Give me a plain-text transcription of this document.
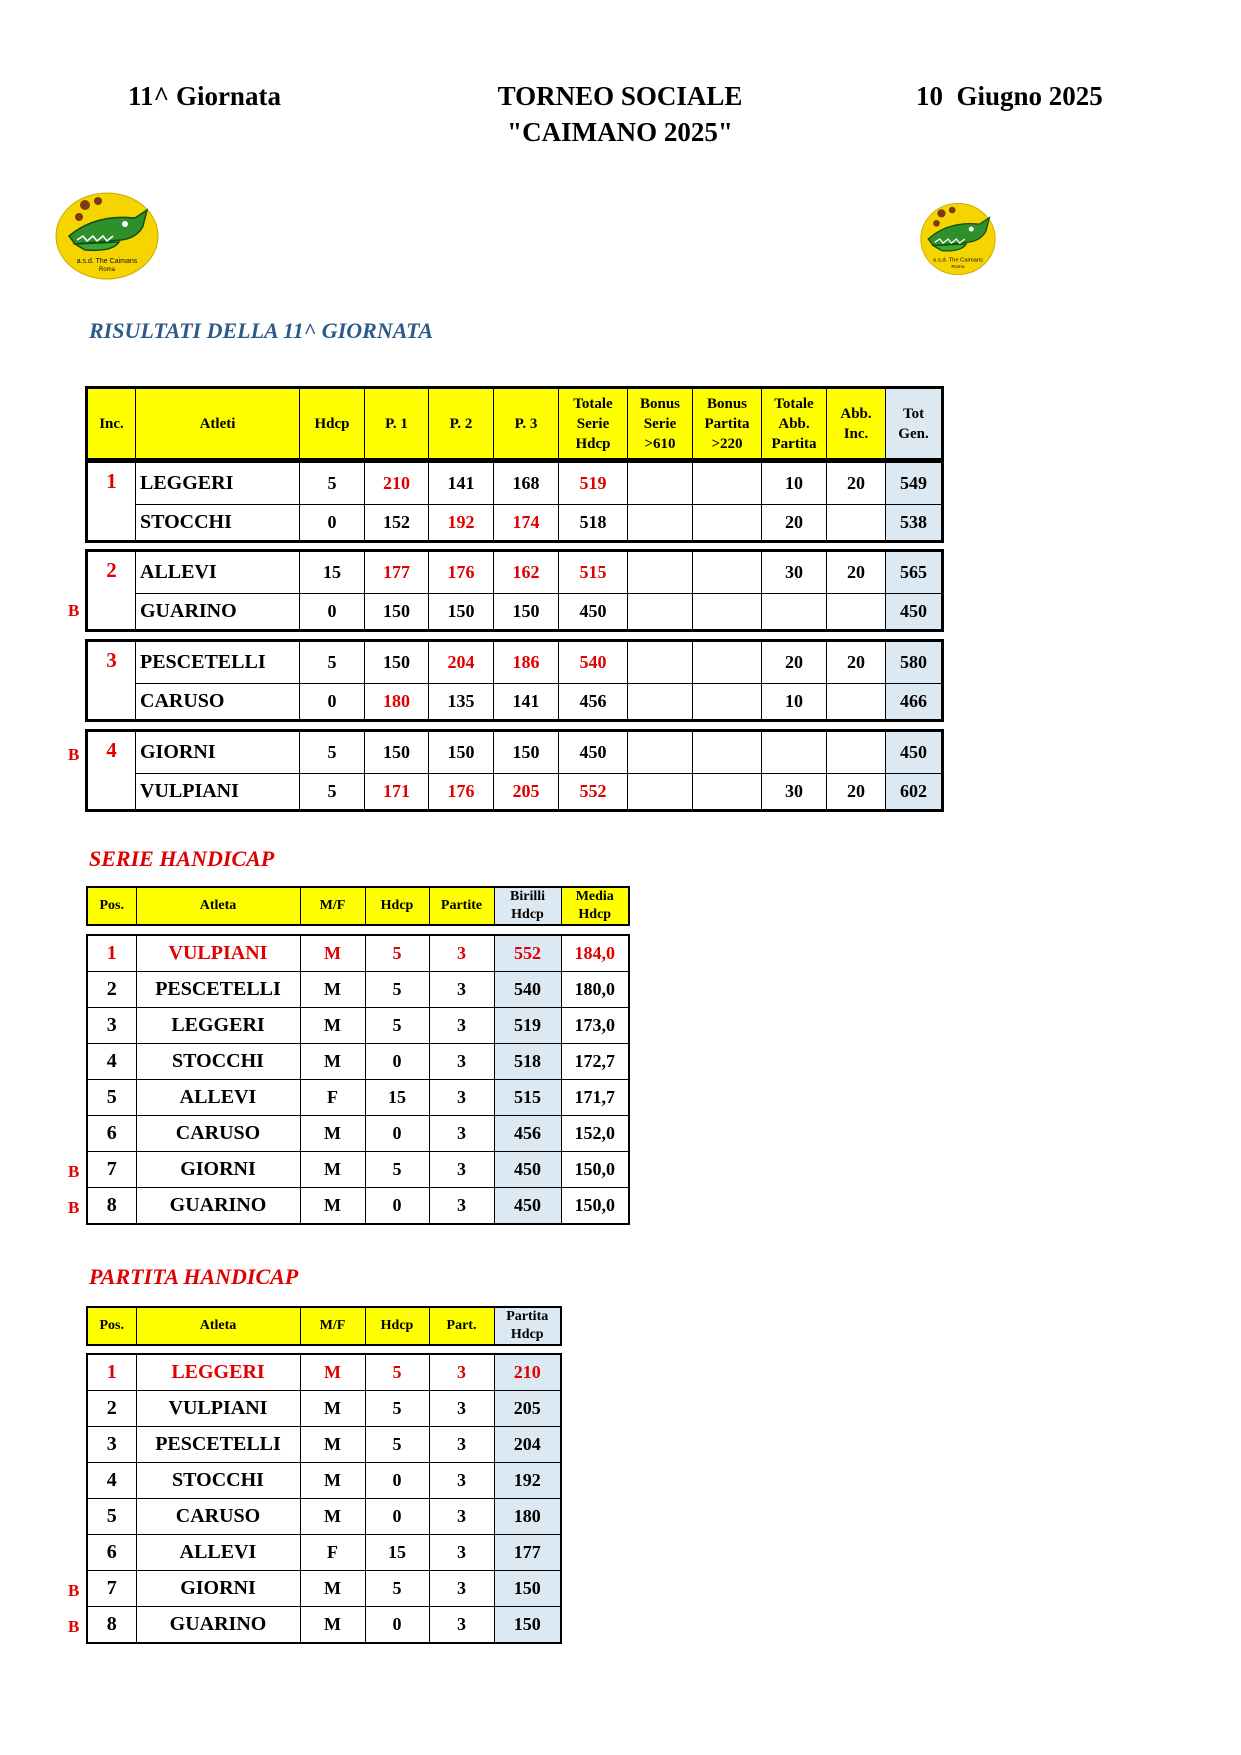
11^ Giornata	TORNEO SOCIALE
"CAIMANO 2025"
10  Giugno 2025
a.s.d. The Caimans
Roma
a.s.d. The Caimans
Roma
RISULTATI DELLA 11^ GIORNATA
Inc.	Atleti	Hdcp	P. 1	P. 2	P. 3	Totale Serie Hdcp	Bonus Serie >610	Bonus Partita >220	Totale Abb. Partita	Abb. Inc.	Tot Gen.
1	LEGGERI	5	210	141	168	519			10	20	549
	STOCCHI	0	152	192	174	518			20		538
2	ALLEVI	15	177	176	162	515			30	20	565
	GUARINO	0	150	150	150	450					450
3	PESCETELLI	5	150	204	186	540			20	20	580
	CARUSO	0	180	135	141	456			10		466
4	GIORNI	5	150	150	150	450					450
	VULPIANI	5	171	176	205	552			30	20	602
B
B
SERIE HANDICAP
Pos.	Atleta	M/F	Hdcp	Partite	Birilli Hdcp	Media Hdcp
1	VULPIANI	M	5	3	552	184,0
2	PESCETELLI	M	5	3	540	180,0
3	LEGGERI	M	5	3	519	173,0
4	STOCCHI	M	0	3	518	172,7
5	ALLEVI	F	15	3	515	171,7
6	CARUSO	M	0	3	456	152,0
7	GIORNI	M	5	3	450	150,0
8	GUARINO	M	0	3	450	150,0
PARTITA HANDICAP
Pos.	Atleta	M/F	Hdcp	Part.	Partita Hdcp
1	LEGGERI	M	5	3	210
2	VULPIANI	M	5	3	205
3	PESCETELLI	M	5	3	204
4	STOCCHI	M	0	3	192
5	CARUSO	M	0	3	180
6	ALLEVI	F	15	3	177
7	GIORNI	M	5	3	150
8	GUARINO	M	0	3	150
B
B
B
B
